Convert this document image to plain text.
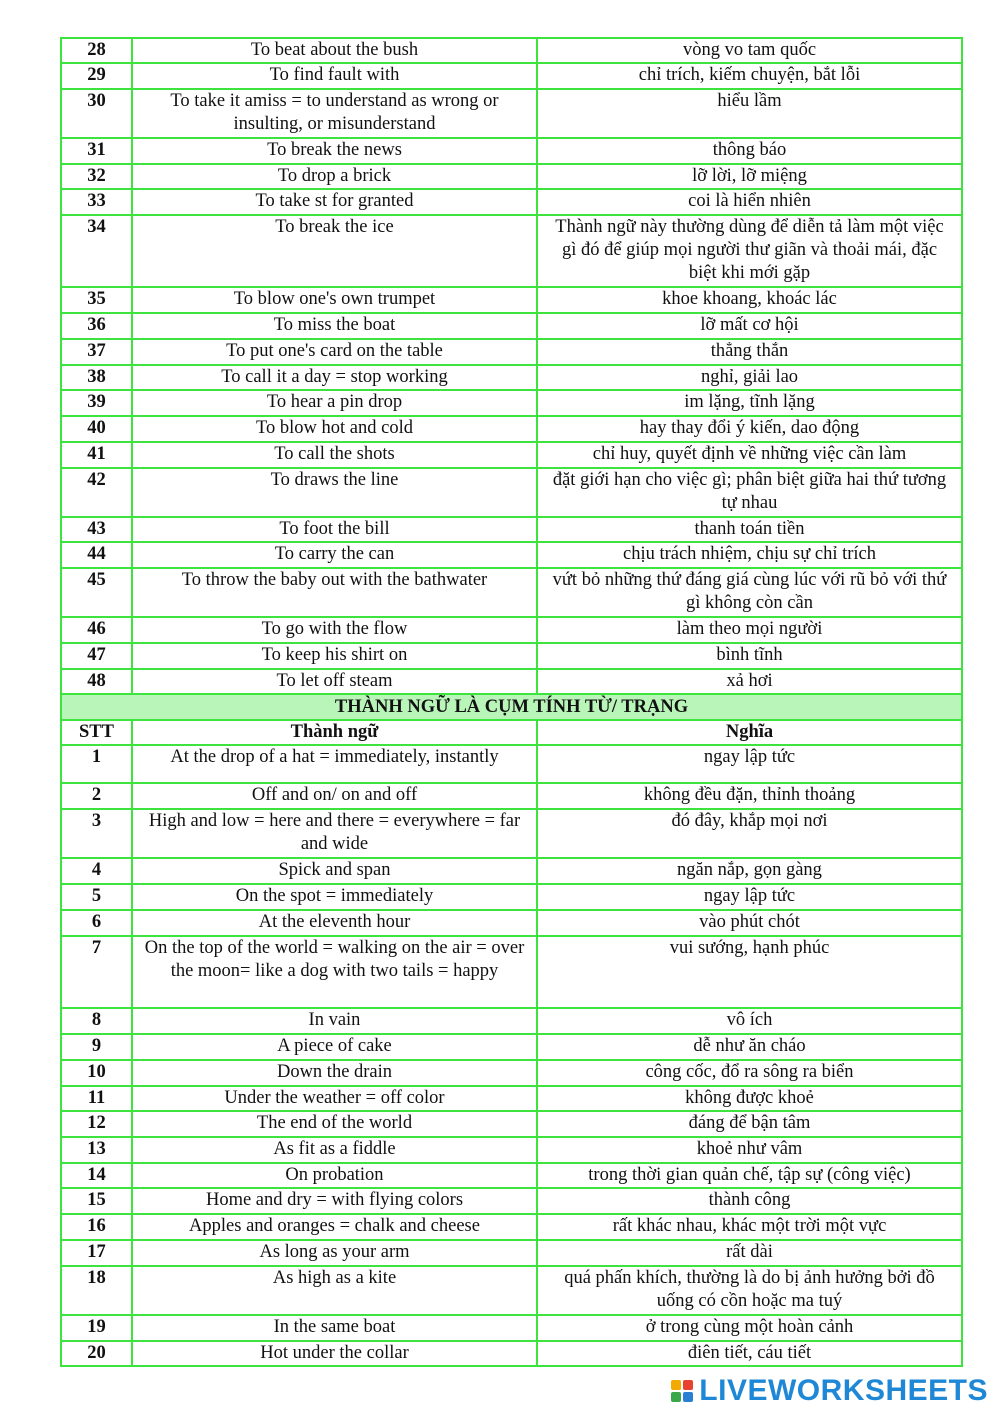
28	To beat about the bush	vòng vo tam quốc
29	To find fault with	chỉ trích, kiếm chuyện, bắt lỗi
30	To take it amiss = to understand as wrong or insulting, or misunderstand	hiểu lầm
31	To break the news	thông báo
32	To drop a brick	lỡ lời, lỡ miệng
33	To take st for granted	coi là hiển nhiên
34	To break the ice	Thành ngữ này thường dùng để diễn tả làm một việc gì đó để giúp mọi người thư giãn và thoải mái, đặc biệt khi mới gặp
35	To blow one's own trumpet	khoe khoang, khoác lác
36	To miss the boat	lỡ mất cơ hội
37	To put one's card on the table	thẳng thắn
38	To call it a day = stop working	nghỉ, giải lao
39	To hear a pin drop	im lặng, tĩnh lặng
40	To blow hot and cold	hay thay đổi ý kiến, dao động
41	To call the shots	chỉ huy, quyết định về những việc cần làm
42	To draws the line	đặt giới hạn cho việc gì; phân biệt giữa hai thứ tương tự nhau
43	To foot the bill	thanh toán tiền
44	To carry the can	chịu trách nhiệm, chịu sự chỉ trích
45	To throw the baby out with the bathwater	vứt bỏ những thứ đáng giá cùng lúc với rũ bỏ với thứ gì không còn cần
46	To go with the flow	làm theo mọi người
47	To keep his shirt on	bình tĩnh
48	To let off steam	xả hơi
THÀNH NGỮ LÀ CỤM TÍNH TỪ/ TRẠNG		
STT	Thành ngữ	Nghĩa
1	At the drop of a hat = immediately, instantly	ngay lập tức
2	Off and on/ on and off	không đều đặn, thỉnh thoảng
3	High and low = here and there = everywhere = far and wide	đó đây, khắp mọi nơi
4	Spick and span	ngăn nắp, gọn gàng
5	On the spot = immediately	ngay lập tức
6	At the eleventh hour	vào phút chót
7	On the top of the world = walking on the air = over the moon= like a dog with two tails = happy	vui sướng, hạnh phúc
8	In vain	vô ích
9	A piece of cake	dễ như ăn cháo
10	Down the drain	công cốc, đổ ra sông ra biển
11	Under the weather = off color	không được khoẻ
12	The end of the world	đáng để bận tâm
13	As fit as a fiddle	khoẻ như vâm
14	On probation	trong thời gian quản chế, tập sự (công việc)
15	Home and dry = with flying colors	thành công
16	Apples and oranges = chalk and cheese	rất khác nhau, khác một trời một vực
17	As long as your arm	rất dài
18	As high as a kite	quá phấn khích, thường là do bị ảnh hưởng bởi đồ uống có cồn hoặc ma tuý
19	In the same boat	ở trong cùng một hoàn cảnh
20	Hot under the collar	điên tiết, cáu tiết
LIVEWORKSHEETS
